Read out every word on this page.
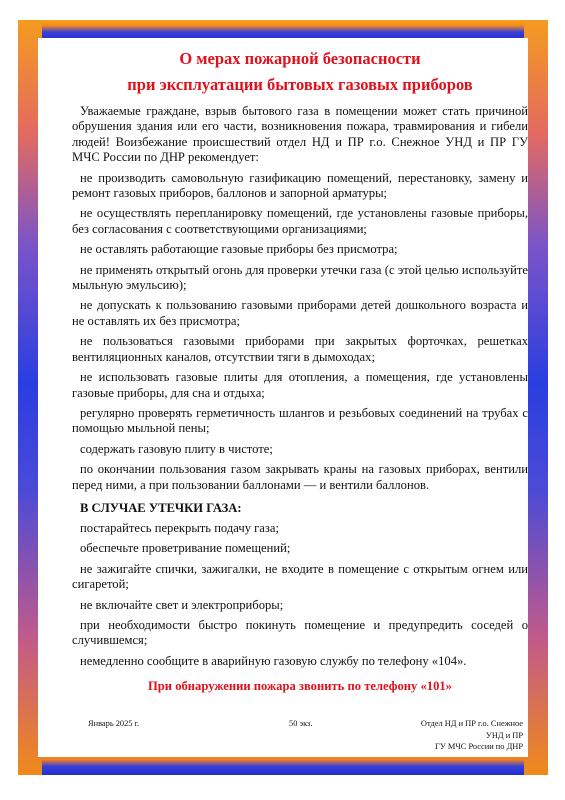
О мерах пожарной безопасности
при эксплуатации бытовых газовых приборов

Уважаемые граждане, взрыв бытового газа в помещении может стать причиной обрушения здания или его части, возникновения пожара, травмирования и гибели людей! Воизбежание происшествий отдел НД и ПР г.о. Снежное УНД и ПР ГУ МЧС России по ДНР рекомендует:

не производить самовольную газификацию помещений, перестановку, замену и ремонт газовых приборов, баллонов и запорной арматуры;

не осуществлять перепланировку помещений, где установлены газовые приборы, без согласования с соответствующими организациями;

не оставлять работающие газовые приборы без присмотра;

не применять открытый огонь для проверки утечки газа (с этой целью используйте мыльную эмульсию);

не допускать к пользованию газовыми приборами детей дошкольного возраста и не оставлять их без присмотра;

не пользоваться газовыми приборами при закрытых форточках, решетках вентиляционных каналов, отсутствии тяги в дымоходах;

не использовать газовые плиты для отопления, а помещения, где установлены газовые приборы, для сна и отдыха;

регулярно проверять герметичность шлангов и резьбовых соединений на трубах с помощью мыльной пены;

содержать газовую плиту в чистоте;

по окончании пользования газом закрывать краны на газовых приборах, вентили перед ними, а при пользовании баллонами — и вентили баллонов.

В СЛУЧАЕ УТЕЧКИ ГАЗА:

постарайтесь перекрыть подачу газа;

обеспечьте проветривание помещений;

не зажигайте спички, зажигалки, не входите в помещение с открытым огнем или сигаретой;

не включайте свет и электроприборы;

при необходимости быстро покинуть помещение и предупредить соседей о случившемся;

немедленно сообщите в аварийную газовую службу по телефону «104».

При обнаружении пожара звонить по телефону «101»

Январь 2025 г.	50 экз.	Отдел НД и ПР г.о. Снежное
УНД и ПР
ГУ МЧС России по ДНР
